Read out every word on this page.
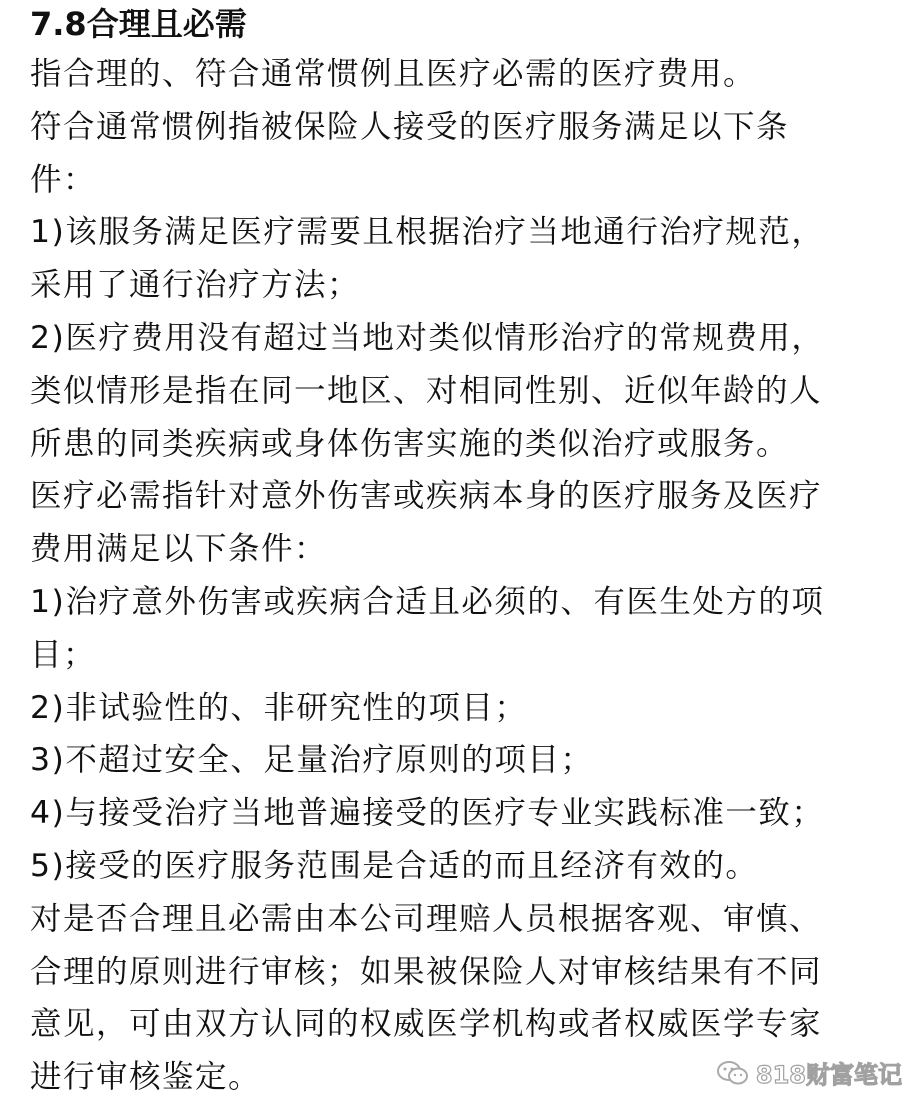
7.8合理且必需
指合理的、符合通常惯例且医疗必需的医疗费用。
符合通常惯例指被保险人接受的医疗服务满足以下条
件：
1)该服务满足医疗需要且根据治疗当地通行治疗规范，
采用了通行治疗方法；
2)医疗费用没有超过当地对类似情形治疗的常规费用，
类似情形是指在同一地区、对相同性别、近似年龄的人
所患的同类疾病或身体伤害实施的类似治疗或服务。
医疗必需指针对意外伤害或疾病本身的医疗服务及医疗
费用满足以下条件：
1)治疗意外伤害或疾病合适且必须的、有医生处方的项
目；
2)非试验性的、非研究性的项目；
3)不超过安全、足量治疗原则的项目；
4)与接受治疗当地普遍接受的医疗专业实践标准一致；
5)接受的医疗服务范围是合适的而且经济有效的。
对是否合理且必需由本公司理赔人员根据客观、审慎、
合理的原则进行审核；如果被保险人对审核结果有不同
意见，可由双方认同的权威医学机构或者权威医学专家
进行审核鉴定。	818财富笔记
